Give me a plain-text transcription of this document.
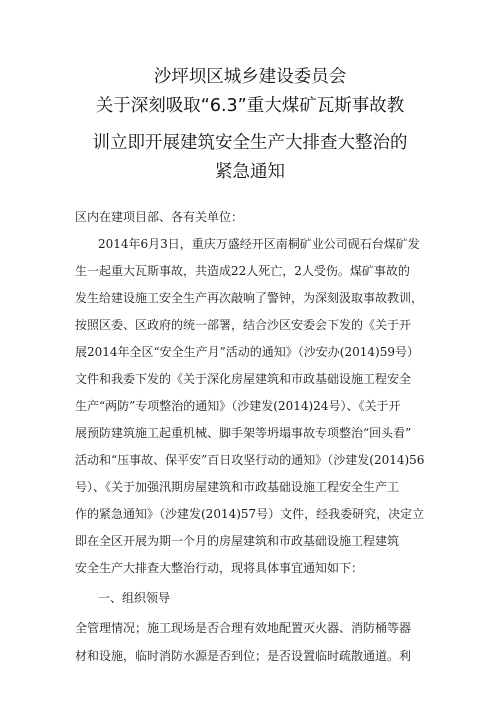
沙坪坝区城乡建设委员会
关于深刻吸取“6.3”重大煤矿瓦斯事故教
训立即开展建筑安全生产大排查大整治的
紧急通知
区内在建项目部、各有关单位：
2014年6月3日，重庆万盛经开区南桐矿业公司砚石台煤矿发
生一起重大瓦斯事故，共造成22人死亡，2人受伤。煤矿事故的
发生给建设施工安全生产再次敲响了警钟，为深刻汲取事故教训，
按照区委、区政府的统一部署，结合沙区安委会下发的《关于开
展2014年全区“安全生产月”活动的通知》（沙安办(2014)59号）
文件和我委下发的《关于深化房屋建筑和市政基础设施工程安全
生产“两防”专项整治的通知》（沙建发(2014)24号）、《关于开
展预防建筑施工起重机械、脚手架等坍塌事故专项整治“回头看”
活动和“压事故、保平安”百日攻坚行动的通知》（沙建发(2014)56
号）、《关于加强汛期房屋建筑和市政基础设施工程安全生产工
作的紧急通知》（沙建发(2014)57号）文件，经我委研究，决定立
即在全区开展为期一个月的房屋建筑和市政基础设施工程建筑
安全生产大排查大整治行动，现将具体事宜通知如下：
一、组织领导
全管理情况；施工现场是否合理有效地配置灭火器、消防桶等器
材和设施，临时消防水源是否到位；是否设置临时疏散通道。利
